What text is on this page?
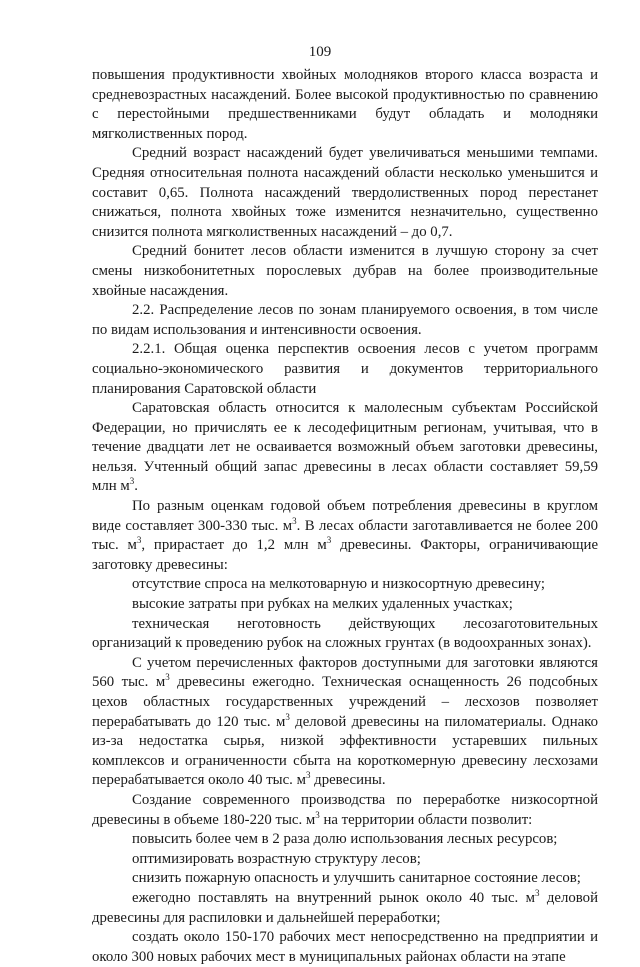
109

повышения продуктивности хвойных молодняков второго класса возраста и средневозрастных насаждений. Более высокой продуктивностью по сравнению с перестойными предшественниками будут обладать и молодняки мягколиственных пород.

Средний возраст насаждений будет увеличиваться меньшими темпами. Средняя относительная полнота насаждений области несколько уменьшится и составит 0,65. Полнота насаждений твердолиственных пород перестанет снижаться, полнота хвойных тоже изменится незначительно, существенно снизится полнота мягколиственных насаждений – до 0,7.

Средний бонитет лесов области изменится в лучшую сторону за счет смены низкобонитетных порослевых дубрав на более производительные хвойные насаждения.

2.2. Распределение лесов по зонам планируемого освоения, в том числе по видам использования и интенсивности освоения.

2.2.1. Общая оценка перспектив освоения лесов с учетом программ социально-экономического развития и документов территориального планирования Саратовской области

Саратовская область относится к малолесным субъектам Российской Федерации, но причислять ее к лесодефицитным регионам, учитывая, что в течение двадцати лет не осваивается возможный объем заготовки древесины, нельзя. Учтенный общий запас древесины в лесах области составляет 59,59 млн $м^3$.

По разным оценкам годовой объем потребления древесины в круглом виде составляет 300-330 тыс. $м^3$. В лесах области заготавливается не более 200 тыс. $м^3$, прирастает до 1,2 млн $м^3$ древесины. Факторы, ограничивающие заготовку древесины:

отсутствие спроса на мелкотоварную и низкосортную древесину;

высокие затраты при рубках на мелких удаленных участках;

техническая неготовность действующих лесозаготовительных организаций к проведению рубок на сложных грунтах (в водоохранных зонах).

С учетом перечисленных факторов доступными для заготовки являются 560 тыс. $м^3$ древесины ежегодно. Техническая оснащенность 26 подсобных цехов областных государственных учреждений – лесхозов позволяет перерабатывать до 120 тыс. $м^3$ деловой древесины на пиломатериалы. Однако из-за недостатка сырья, низкой эффективности устаревших пильных комплексов и ограниченности сбыта на короткомерную древесину лесхозами перерабатывается около 40 тыс. $м^3$ древесины.

Создание современного производства по переработке низкосортной древесины в объеме 180-220 тыс. $м^3$ на территории области позволит:

повысить более чем в 2 раза долю использования лесных ресурсов;

оптимизировать возрастную структуру лесов;

снизить пожарную опасность и улучшить санитарное состояние лесов;

ежегодно поставлять на внутренний рынок около 40 тыс. $м^3$ деловой древесины для распиловки и дальнейшей переработки;

создать около 150-170 рабочих мест непосредственно на предприятии и около 300 новых рабочих мест в муниципальных районах области на этапе
